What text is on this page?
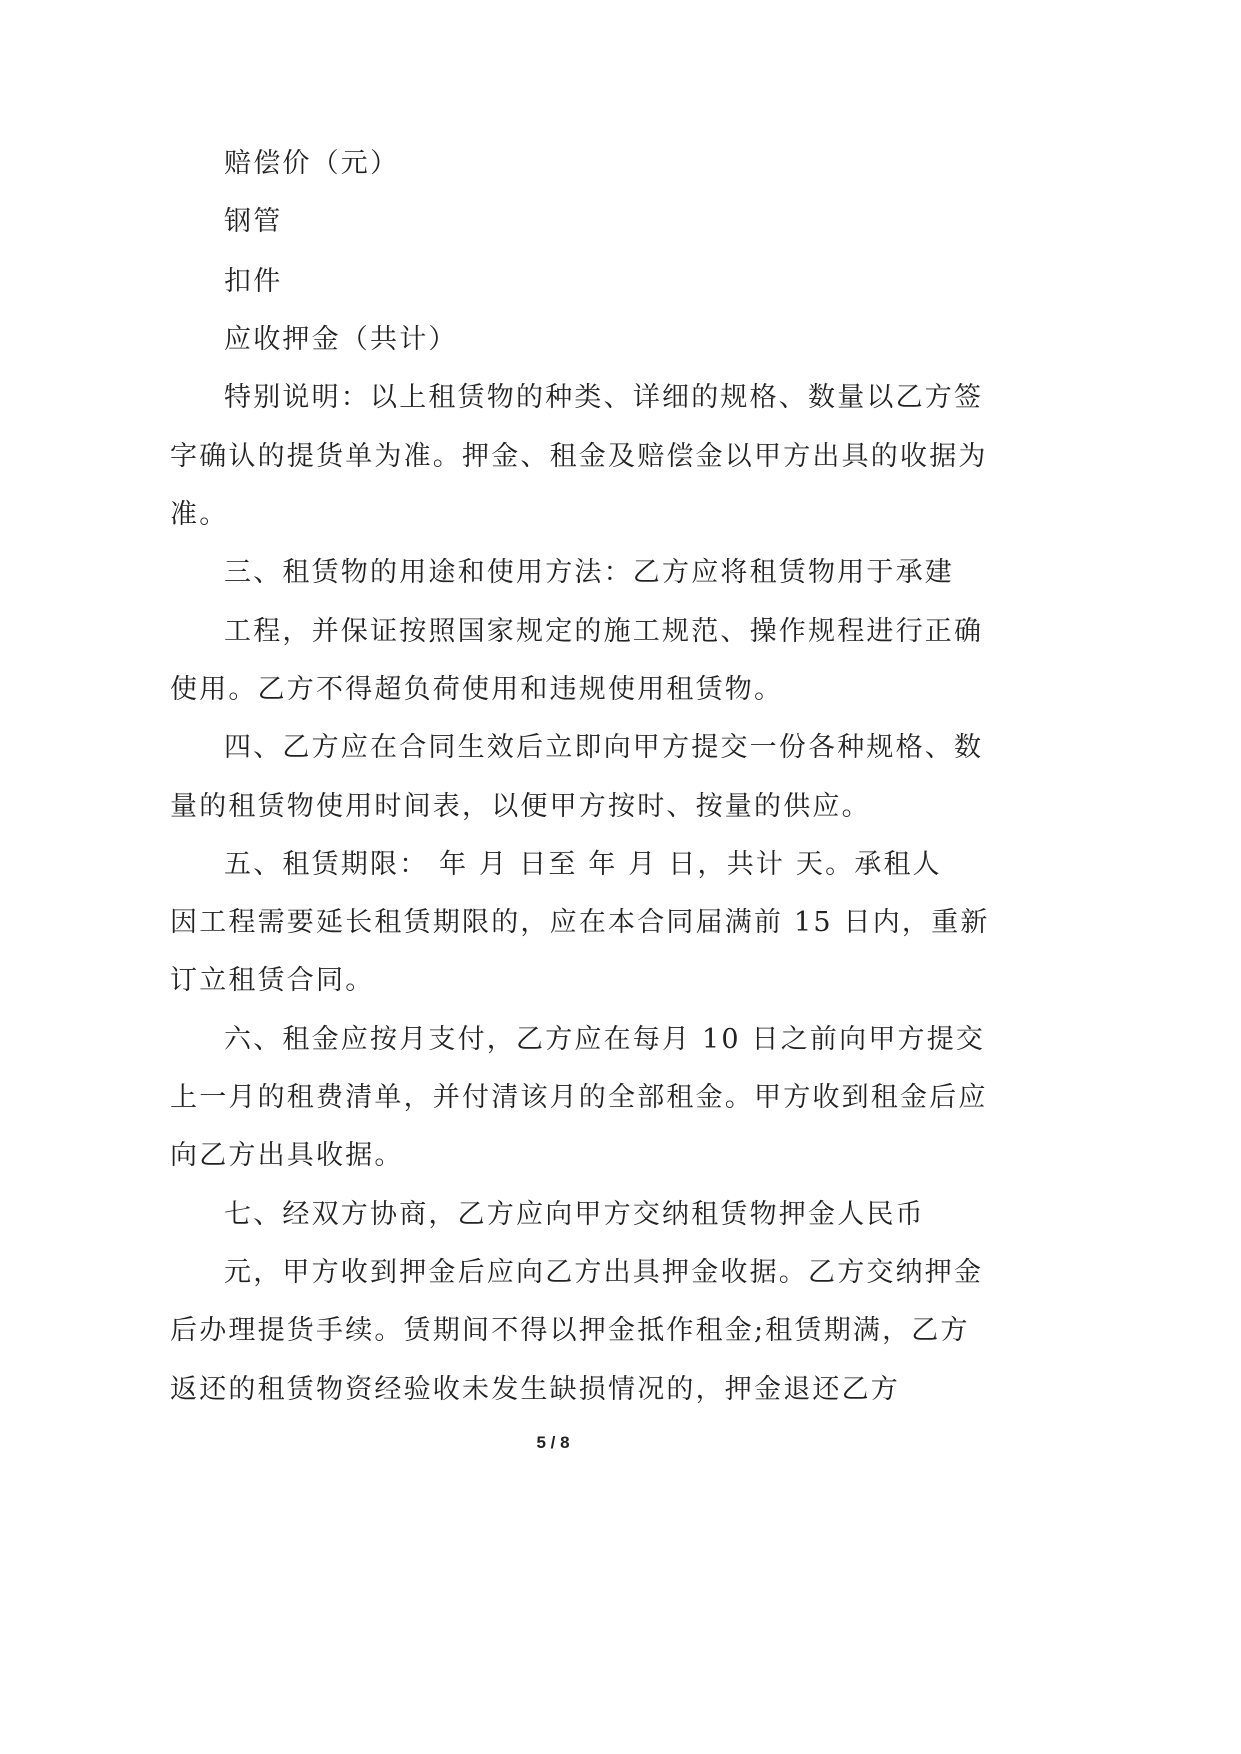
赔偿价（元）
钢管
扣件
应收押金（共计）
特别说明：以上租赁物的种类、详细的规格、数量以乙方签
字确认的提货单为准。押金、租金及赔偿金以甲方出具的收据为
准。
三、租赁物的用途和使用方法：乙方应将租赁物用于承建
工程，并保证按照国家规定的施工规范、操作规程进行正确
使用。乙方不得超负荷使用和违规使用租赁物。
四、乙方应在合同生效后立即向甲方提交一份各种规格、数
量的租赁物使用时间表，以便甲方按时、按量的供应。
五、租赁期限： 年 月 日至 年 月 日，共计 天。承租人
因工程需要延长租赁期限的，应在本合同届满前 15 日内，重新
订立租赁合同。
六、租金应按月支付，乙方应在每月 10 日之前向甲方提交
上一月的租费清单，并付清该月的全部租金。甲方收到租金后应
向乙方出具收据。
七、经双方协商，乙方应向甲方交纳租赁物押金人民币
元，甲方收到押金后应向乙方出具押金收据。乙方交纳押金
后办理提货手续。赁期间不得以押金抵作租金;租赁期满，乙方
返还的租赁物资经验收未发生缺损情况的，押金退还乙方
5 / 8
